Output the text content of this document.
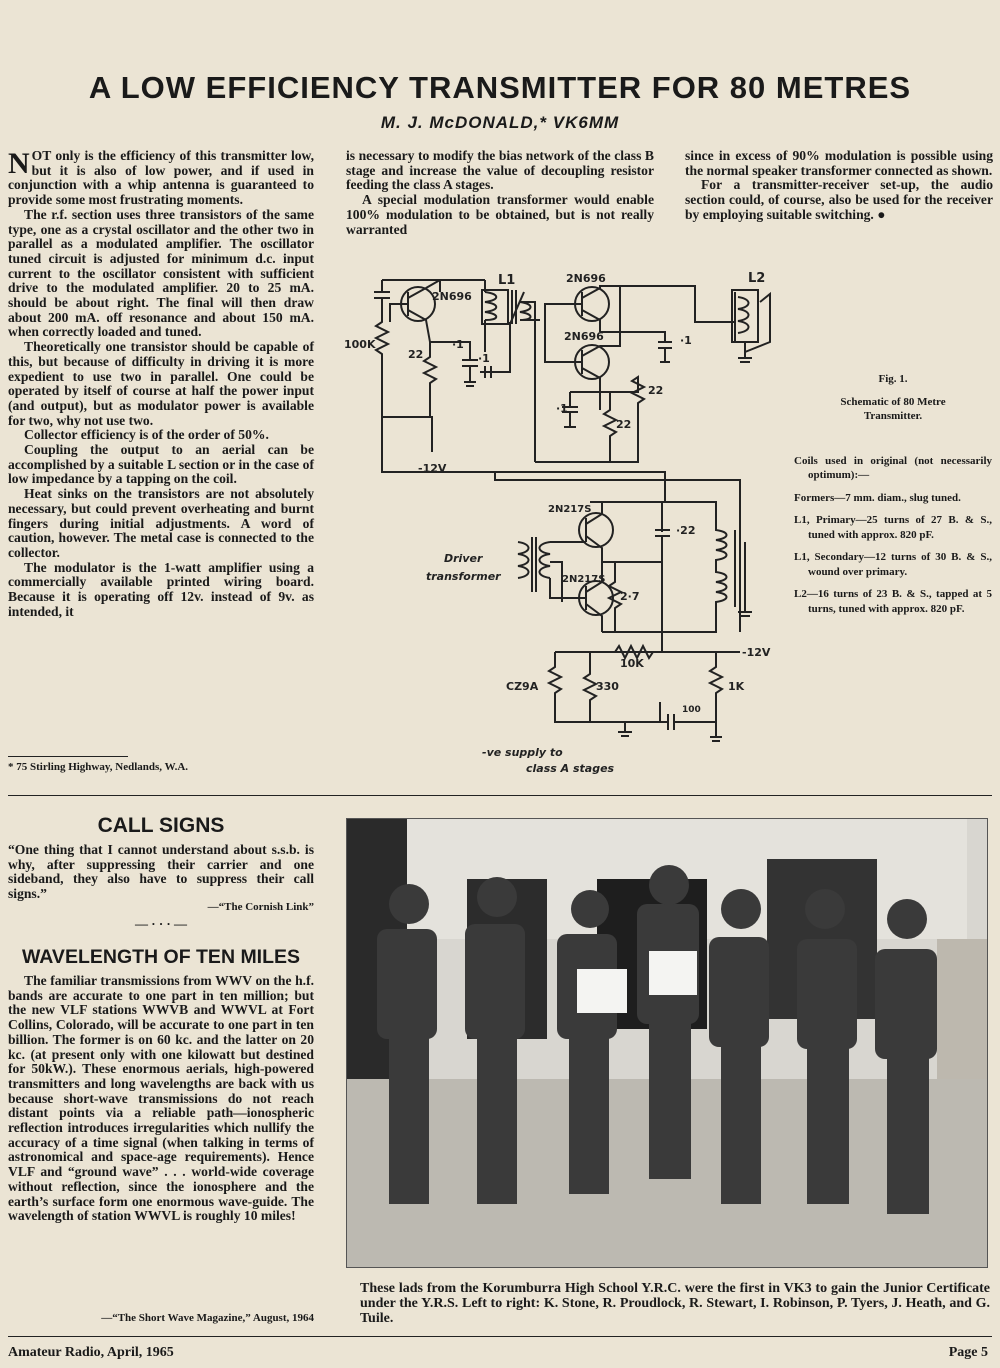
A LOW EFFICIENCY TRANSMITTER FOR 80 METRES
M. J. McDONALD,* VK6MM

NOT only is the efficiency of this transmitter low, but it is also of low power, and if used in conjunction with a whip antenna is guaranteed to provide some most frustrating moments.

The r.f. section uses three transistors of the same type, one as a crystal oscillator and the other two in parallel as a modulated amplifier. The oscillator tuned circuit is adjusted for minimum d.c. input current to the oscillator consistent with sufficient drive to the modulated amplifier. 20 to 25 mA. should be about right. The final will then draw about 200 mA. off resonance and about 150 mA. when correctly loaded and tuned.

Theoretically one transistor should be capable of this, but because of difficulty in driving it is more expedient to use two in parallel. One could be operated by itself of course at half the power input (and output), but as modulator power is available for two, why not use two.

Collector efficiency is of the order of 50%.

Coupling the output to an aerial can be accomplished by a suitable L section or in the case of low impedance by a tapping on the coil.

Heat sinks on the transistors are not absolutely necessary, but could prevent overheating and burnt fingers during initial adjustments. A word of caution, however. The metal case is connected to the collector.

The modulator is the 1-watt amplifier using a commercially available printed wiring board. Because it is operating off 12v. instead of 9v. as intended, it

* 75 Stirling Highway, Nedlands, W.A.

is necessary to modify the bias network of the class B stage and increase the value of decoupling resistor feeding the class A stages.

A special modulation transformer would enable 100% modulation to be obtained, but is not really warranted

since in excess of 90% modulation is possible using the normal speaker transformer connected as shown.

For a transmitter-receiver set-up, the audio section could, of course, also be used for the receiver by employing suitable switching. ●

2N696
2N696
2N696
L1	L2
100K
22
·1
·1
·1
·1
22
22
-12V
2N217S
2N217S
·22
2·7
Driver
transformer
10K
-12V
CZ9A	330	1K
100
-ve supply to
class A stages
Fig. 1.
Schematic of 80 Metre Transmitter.

Coils used in original (not necessarily optimum):—

Formers—7 mm. diam., slug tuned.

L1, Primary—25 turns of 27 B. & S., tuned with approx. 820 pF.

L1, Secondary—12 turns of 30 B. & S., wound over primary.

L2—16 turns of 23 B. & S., tapped at 5 turns, tuned with approx. 820 pF.

CALL SIGNS
“One thing that I cannot understand about s.s.b. is why, after suppressing their carrier and one sideband, they also have to suppress their call signs.”
—“The Cornish Link”
— · · · —
WAVELENGTH OF TEN MILES

The familiar transmissions from WWV on the h.f. bands are accurate to one part in ten million; but the new VLF stations WWVB and WWVL at Fort Collins, Colorado, will be accurate to one part in ten billion. The former is on 60 kc. and the latter on 20 kc. (at present only with one kilowatt but destined for 50kW.). These enormous aerials, high-powered transmitters and long wavelengths are back with us because short-wave transmissions do not reach distant points via a reliable path—ionospheric reflection introduces irregularities which nullify the accuracy of a time signal (when talking in terms of astronomical and space-age requirements). Hence VLF and “ground wave” . . . world-wide coverage without reflection, since the ionosphere and the earth’s surface form one enormous wave-guide. The wavelength of station WWVL is roughly 10 miles!

—“The Short Wave Magazine,” August, 1964
These lads from the Korumburra High School Y.R.C. were the first in VK3 to gain the Junior Certificate under the Y.R.S. Left to right: K. Stone, R. Proudlock, R. Stewart, I. Robinson, P. Tyers, J. Heath, and G. Tuile.
Amateur Radio, April, 1965	Page 5
